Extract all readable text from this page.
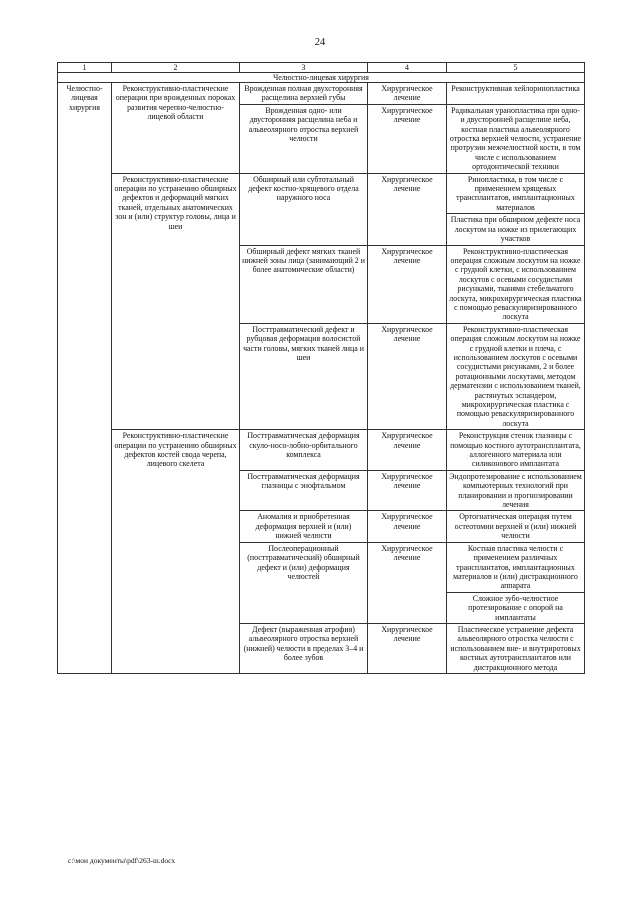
24
1	2	3	4	5
Челюстно-лицевая хирургия				
Челюстно-лицевая хирургия	Реконструктивно-пластические операции при врожденных пороках развития черепно-челюстно-лицевой области	Врожденная полная двухсторонняя расщелина верхней губы	Хирургическое лечение	Реконструктивная хейлоринопластика
		Врожденная одно- или двусторонняя расщелина неба и альвеолярного отростка верхней челюсти	Хирургическое лечение	Радикальная уранопластика при одно- и двусторонней расщелине неба, костная пластика альвеолярного отростка верхней челюсти, устранение протрузии межчелюстной кости, в том числе с использованием ортодонтической техники
	Реконструктивно-пластические операции по устранению обширных дефектов и деформаций мягких тканей, отдельных анатомических зон и (или) структур головы, лица и шеи	Обширный или субтотальный дефект костно-хрящевого отдела наружного носа	Хирургическое лечение	Ринопластика, в том числе с применением хрящевых трансплантатов, имплантационных материалов
				Пластика при обширном дефекте носа лоскутом на ножке из прилегающих участков
		Обширный дефект мягких тканей нижней зоны лица (занимающий 2 и более анатомические области)	Хирургическое лечение	Реконструктивно-пластическая операция сложным лоскутом на ножке с грудной клетки, с использованием лоскутов с осевыми сосудистыми рисунками, тканями стебельчатого лоскута, микрохирургическая пластика с помощью реваскуляризированного лоскута
		Посттравматический дефект и рубцовая деформация волосистой части головы, мягких тканей лица и шеи	Хирургическое лечение	Реконструктивно-пластическая операция сложным лоскутом на ножке с грудной клетки и плеча, с использованием лоскутов с осевыми сосудистыми рисунками, 2 и более ротационными лоскутами, методом дерматензии с использованием тканей, растянутых эспандером, микрохирургическая пластика с помощью реваскуляризированного лоскута
	Реконструктивно-пластические операции по устранению обширных дефектов костей свода черепа, лицевого скелета	Посттравматическая деформация скуло-носо-лобно-орбитального комплекса	Хирургическое лечение	Реконструкция стенок глазницы с помощью костного аутотрансплантата, аллогенного материала или силиконового имплантата
		Посттравматическая деформация глазницы с энофтальмом	Хирургическое лечение	Эндопротезирование с использованием компьютерных технологий при планировании и прогнозировании лечения
		Аномалия и приобретенная деформация верхней и (или) нижней челюсти	Хирургическое лечение	Ортогнатическая операция путем остеотомии верхней и (или) нижней челюсти
		Послеоперационный (посттравматический) обширный дефект и (или) деформация челюстей	Хирургическое лечение	Костная пластика челюсти с применением различных трансплантатов, имплантационных материалов и (или) дистракционного аппарата
				Сложное зубо-челюстное протезирование с опорой на имплантаты
		Дефект (выраженная атрофия) альвеолярного отростка верхней (нижней) челюсти в пределах 3–4 и более зубов	Хирургическое лечение	Пластическое устранение дефекта альвеолярного отростка челюсти с использованием вне- и внутриротовых костных аутотрансплантатов или дистракционного метода
c:\мои документы\pdf\263-ш.docx
